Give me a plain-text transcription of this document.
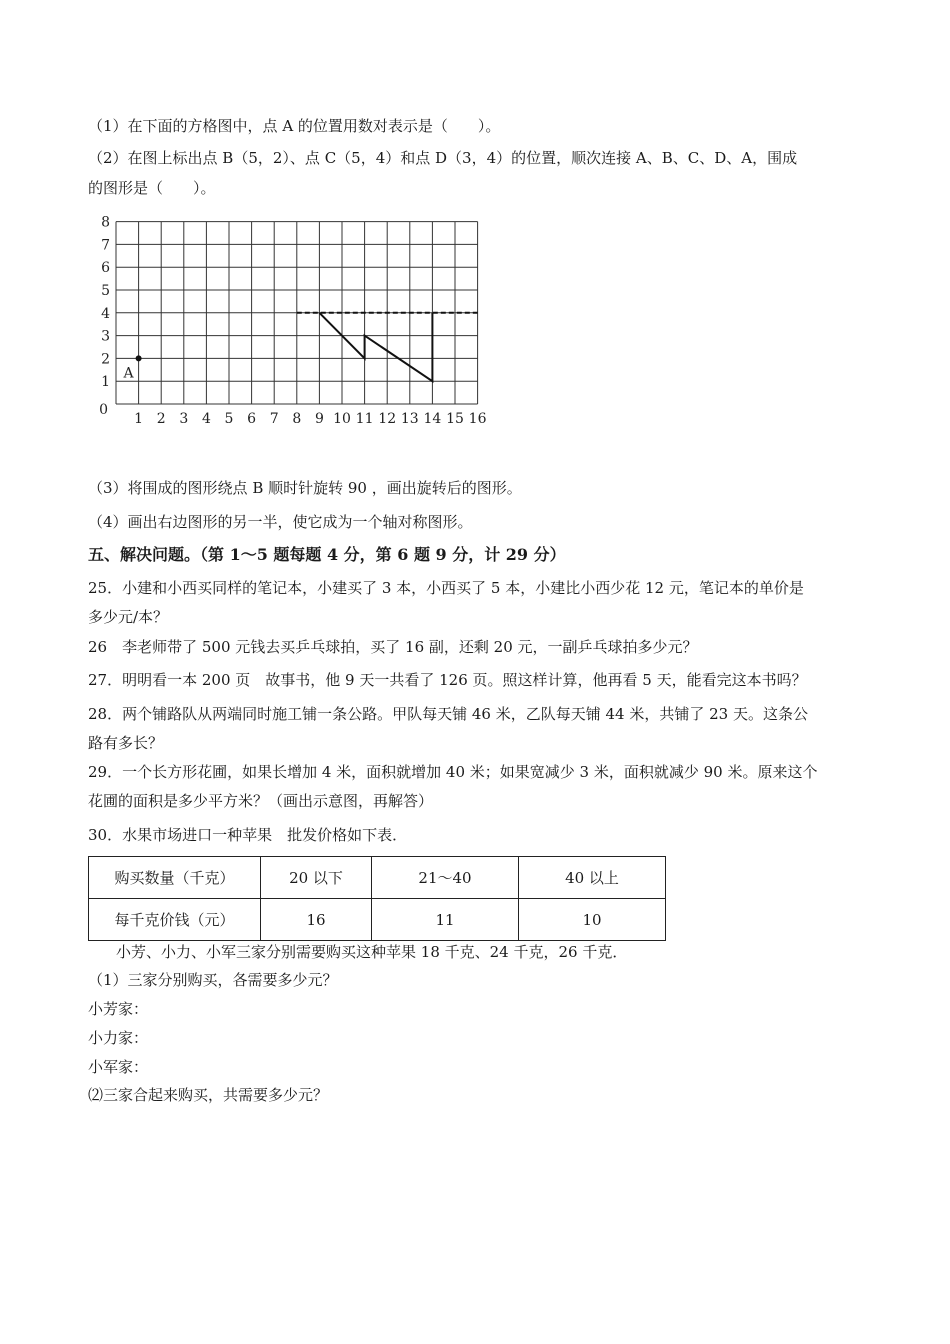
（1）在下面的方格图中，点 A 的位置用数对表示是（　　）。
（2）在图上标出点 B（5，2）、点 C（5，4）和点 D（3，4）的位置，顺次连接 A、B、C、D、A，围成
的图形是（　　）。
1 2 3 4 5 6 7 8 9 10 11 12 13 14 15 16
1
2
3
4
5
6
7
8
0
A
（3）将围成的图形绕点 B 顺时针旋转 90 ，画出旋转后的图形。
（4）画出右边图形的另一半，使它成为一个轴对称图形。
五、解决问题。（第 1～5 题每题 4 分，第 6 题 9 分，计 29 分）
25．小建和小西买同样的笔记本，小建买了 3 本，小西买了 5 本，小建比小西少花 12 元，笔记本的单价是
多少元/本？
26　李老师带了 500 元钱去买乒乓球拍，买了 16 副，还剩 20 元，一副乒乓球拍多少元？
27．明明看一本 200 页　故事书，他 9 天一共看了 126 页。照这样计算，他再看 5 天，能看完这本书吗？
28．两个铺路队从两端同时施工铺一条公路。甲队每天铺 46 米，乙队每天铺 44 米，共铺了 23 天。这条公
路有多长？
29．一个长方形花圃，如果长增加 4 米，面积就增加 40 米；如果宽减少 3 米，面积就减少 90 米。原来这个
花圃的面积是多少平方米？（画出示意图，再解答）
30．水果市场进口一种苹果　批发价格如下表．
购买数量（千克）	20 以下	21～40	40 以上
每千克价钱（元）	16	11	10
小芳、小力、小军三家分别需要购买这种苹果 18 千克、24 千克，26 千克．
（1）三家分别购买，各需要多少元？
小芳家：
小力家：
小军家：
⑵三家合起来购买，共需要多少元？
